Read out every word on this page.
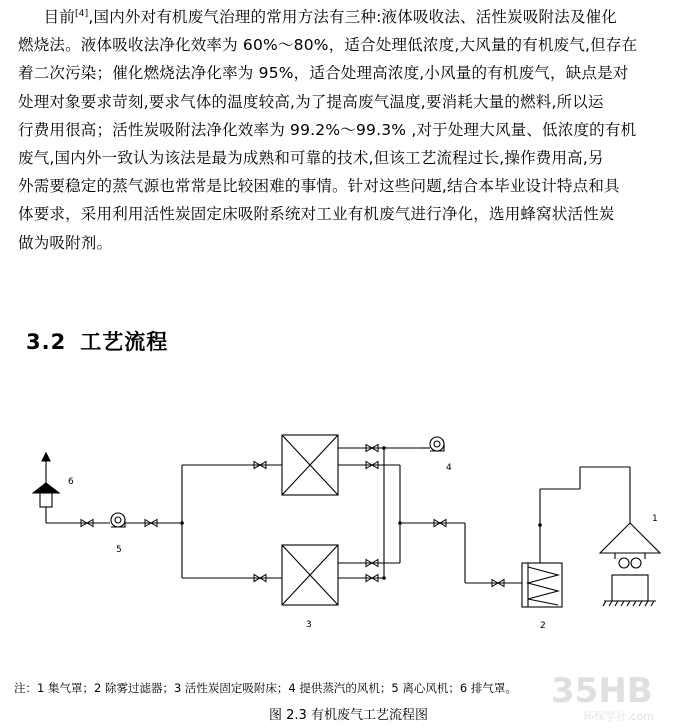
目前[4],国内外对有机废气治理的常用方法有三种:液体吸收法、活性炭吸附法及催化
燃烧法。液体吸收法净化效率为 60%～80%，适合处理低浓度,大风量的有机废气,但存在
着二次污染；催化燃烧法净化率为 95%，适合处理高浓度,小风量的有机废气，缺点是对
处理对象要求苛刻,要求气体的温度较高,为了提高废气温度,要消耗大量的燃料,所以运
行费用很高；活性炭吸附法净化效率为 99.2%～99.3% ,对于处理大风量、低浓度的有机
废气,国内外一致认为该法是最为成熟和可靠的技术,但该工艺流程过长,操作费用高,另
外需要稳定的蒸气源也常常是比较困难的事情。针对这些问题,结合本毕业设计特点和具
体要求，采用利用活性炭固定床吸附系统对工业有机废气进行净化，选用蜂窝状活性炭
做为吸附剂。
3.2 工艺流程
6
5
3
4
2
1
注：1 集气罩；2 除雾过滤器；3 活性炭固定吸附床；4 提供蒸汽的风机；5 离心风机；6 排气罩。
图 2.3 有机废气工艺流程图
35HB
环保学社.com
